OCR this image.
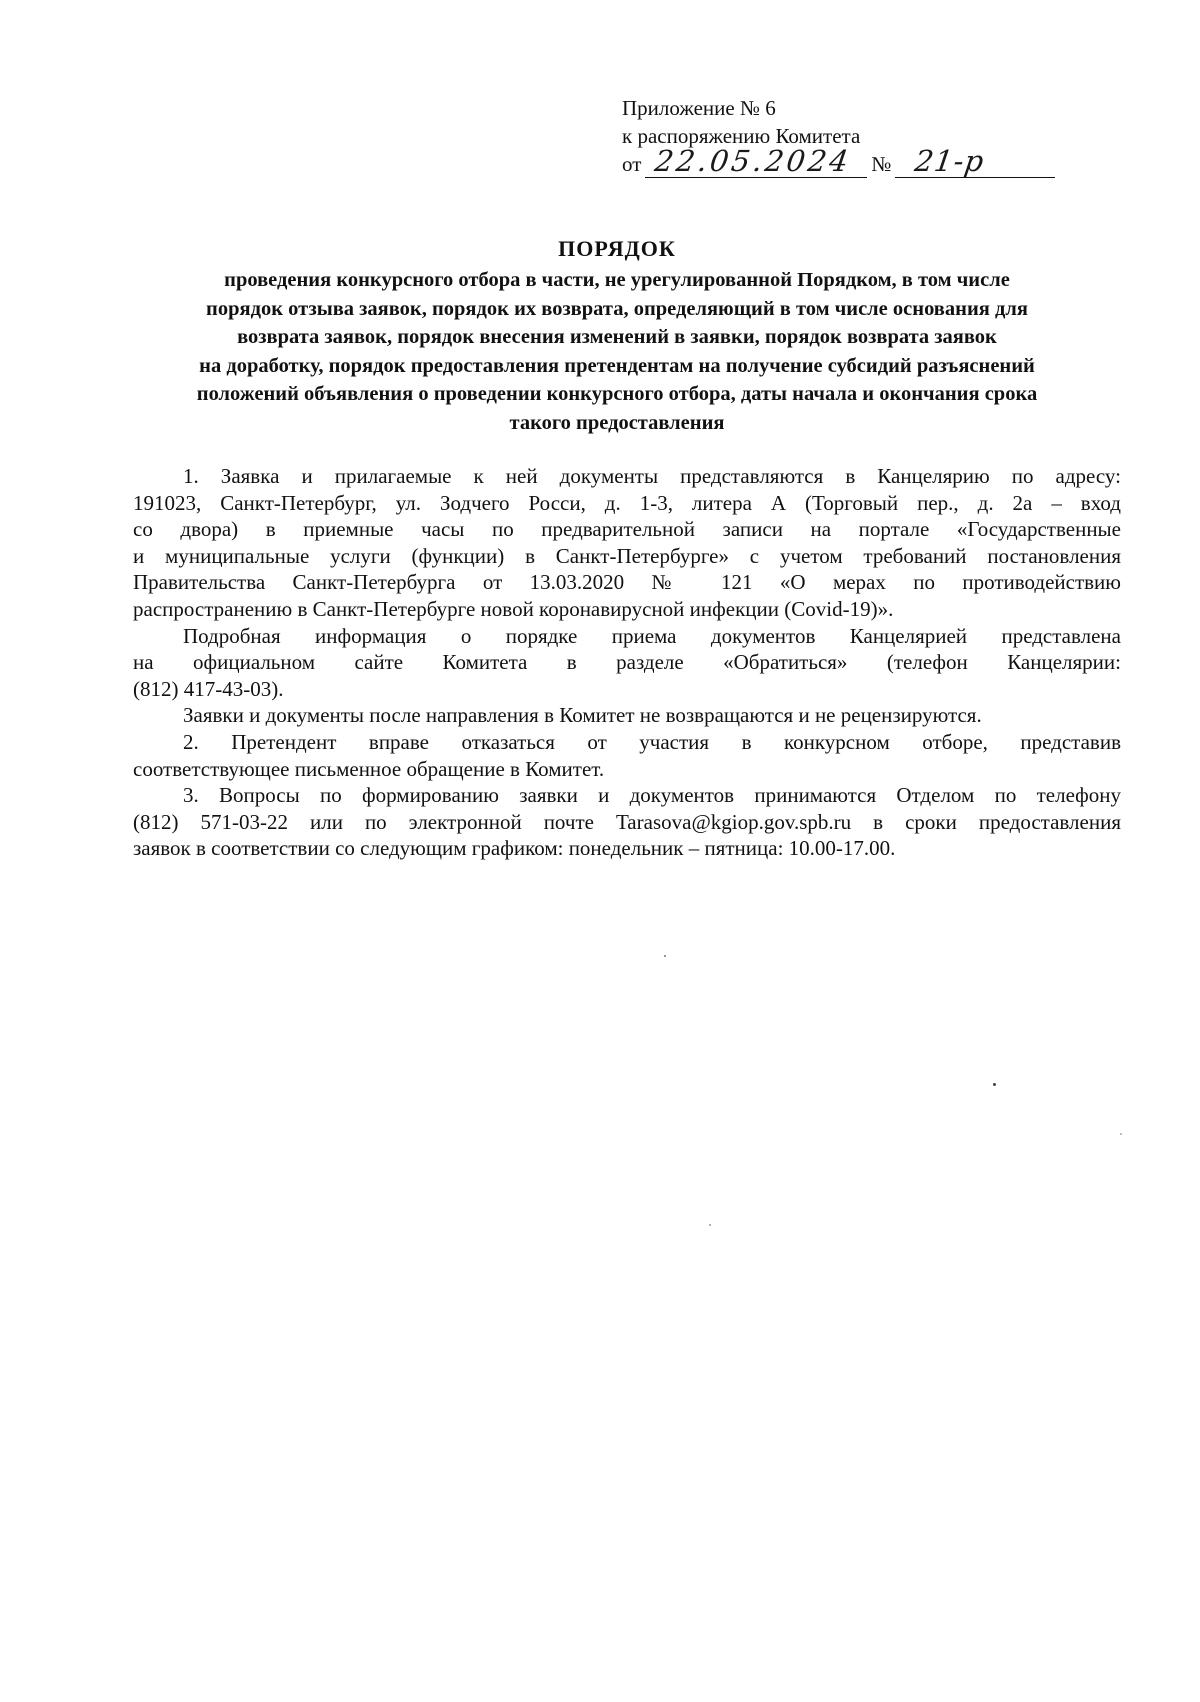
Приложение № 6
к распоряжению Комитета
от 22.05.2024 № 21-р
ПОРЯДОК
проведения конкурсного отбора в части, не урегулированной Порядком, в том числе
порядок отзыва заявок, порядок их возврата, определяющий в том числе основания для
возврата заявок, порядок внесения изменений в заявки, порядок возврата заявок
на доработку, порядок предоставления претендентам на получение субсидий разъяснений
положений объявления о проведении конкурсного отбора, даты начала и окончания срока
такого предоставления
1. Заявка и прилагаемые к ней документы представляются в Канцелярию по адресу:
191023, Санкт-Петербург, ул. Зодчего Росси, д. 1-3, литера А (Торговый пер., д. 2а – вход
со двора) в приемные часы по предварительной записи на портале «Государственные
и муниципальные услуги (функции) в Санкт-Петербурге» с учетом требований постановления
Правительства Санкт-Петербурга от 13.03.2020 № 121 «О мерах по противодействию
распространению в Санкт-Петербурге новой коронавирусной инфекции (Covid-19)».
Подробная информация о порядке приема документов Канцелярией представлена
на официальном сайте Комитета в разделе «Обратиться» (телефон Канцелярии:
(812) 417-43-03).
Заявки и документы после направления в Комитет не возвращаются и не рецензируются.
2. Претендент вправе отказаться от участия в конкурсном отборе, представив
соответствующее письменное обращение в Комитет.
3. Вопросы по формированию заявки и документов принимаются Отделом по телефону
(812) 571-03-22 или по электронной почте Tarasova@kgiop.gov.spb.ru в сроки предоставления
заявок в соответствии со следующим графиком: понедельник – пятница: 10.00-17.00.
